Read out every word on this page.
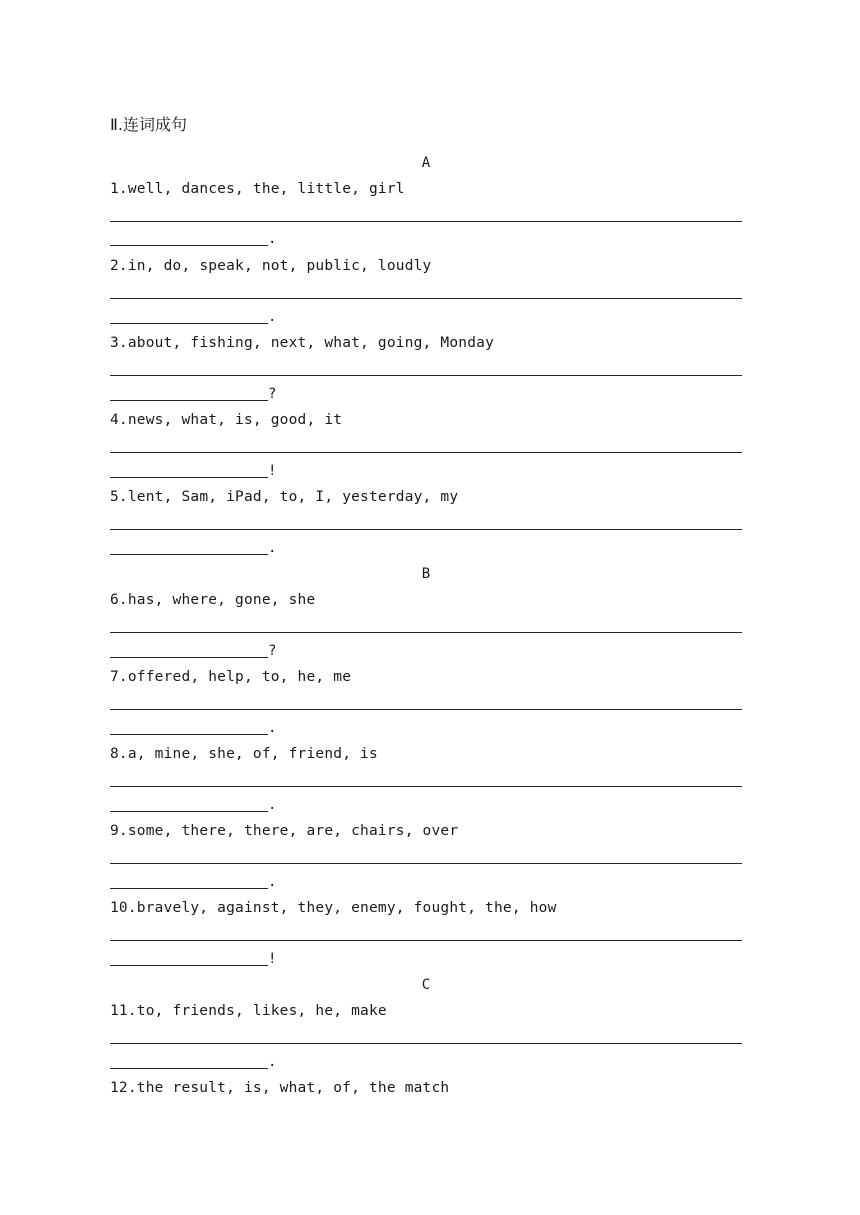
Ⅱ.连词成句
A
1.well, dances, the, little, girl
.
2.in, do, speak, not, public, loudly
.
3.about, fishing, next, what, going, Monday
?
4.news, what, is, good, it
!
5.lent, Sam, iPad, to, I, yesterday, my
.
B
6.has, where, gone, she
?
7.offered, help, to, he, me
.
8.a, mine, she, of, friend, is
.
9.some, there, there, are, chairs, over
.
10.bravely, against, they, enemy, fought, the, how
!
C
11.to, friends, likes, he, make
.
12.the result, is, what, of, the match
